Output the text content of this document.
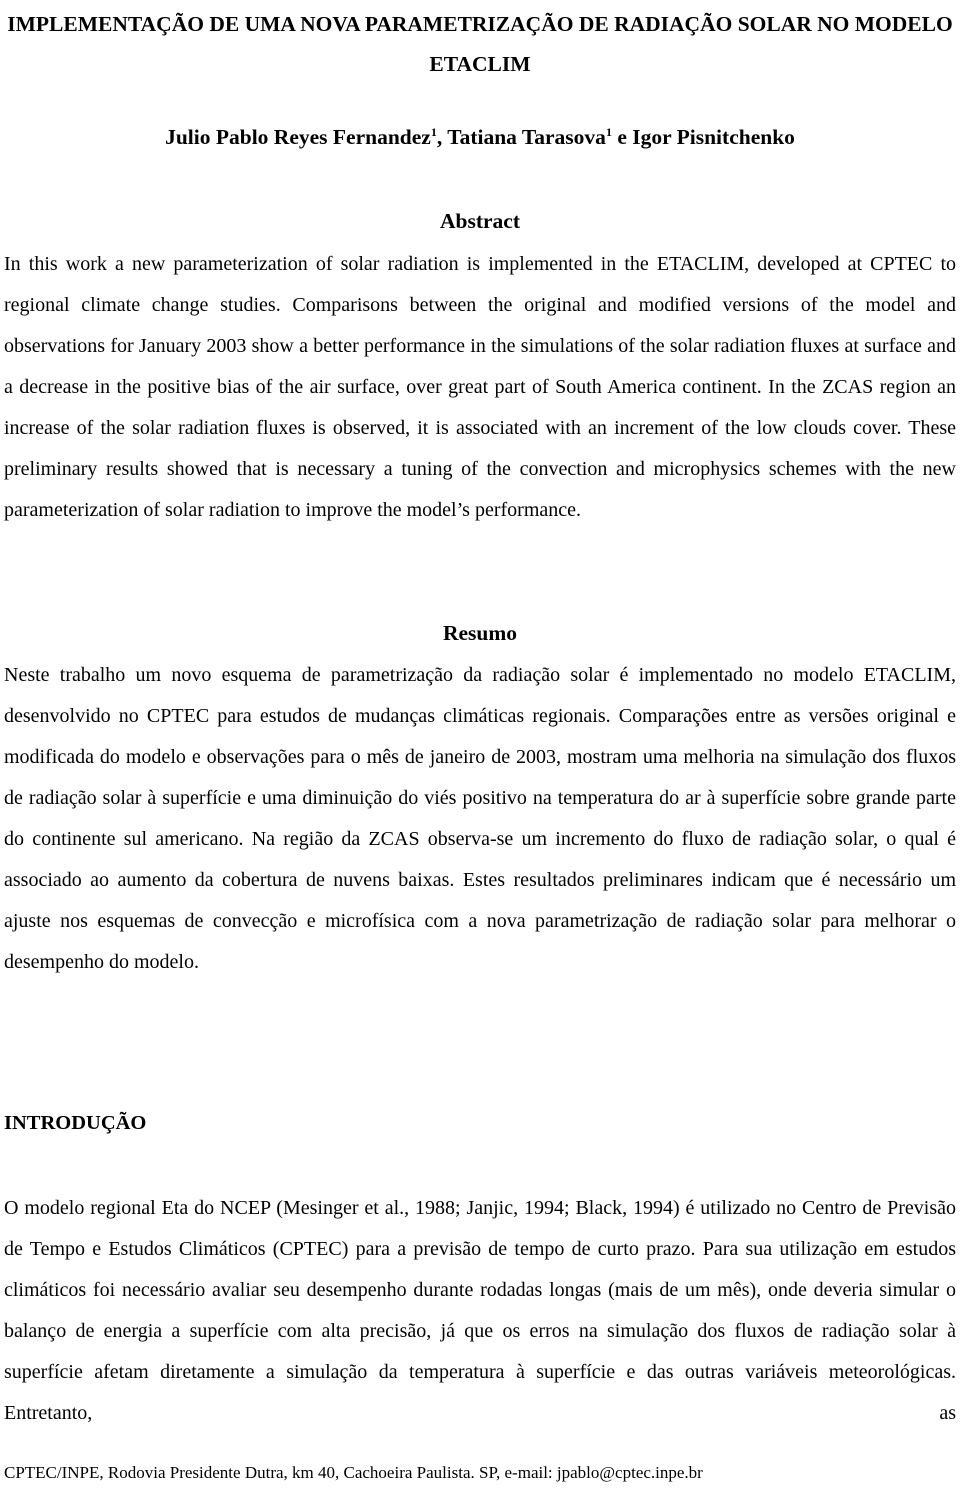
IMPLEMENTAÇÃO DE UMA NOVA PARAMETRIZAÇÃO DE RADIAÇÃO SOLAR NO MODELO ETACLIM

Julio Pablo Reyes Fernandez$^1$, Tatiana Tarasova$^1$ e Igor Pisnitchenko

Abstract

In this work a new parameterization of solar radiation is implemented in the ETACLIM, developed at CPTEC to regional climate change studies. Comparisons between the original and modified versions of the model and observations for January 2003 show a better performance in the simulations of the solar radiation fluxes at surface and a decrease in the positive bias of the air surface, over great part of South America continent. In the ZCAS region an increase of the solar radiation fluxes is observed, it is associated with an increment of the low clouds cover. These preliminary results showed that is necessary a tuning of the convection and microphysics schemes with the new parameterization of solar radiation to improve the model’s performance.

Resumo

Neste trabalho um novo esquema de parametrização da radiação solar é implementado no modelo ETACLIM, desenvolvido no CPTEC para estudos de mudanças climáticas regionais. Comparações entre as versões original e modificada do modelo e observações para o mês de janeiro de 2003, mostram uma melhoria na simulação dos fluxos de radiação solar à superfície e uma diminuição do viés positivo na temperatura do ar à superfície sobre grande parte do continente sul americano. Na região da ZCAS observa-se um incremento do fluxo de radiação solar, o qual é associado ao aumento da cobertura de nuvens baixas. Estes resultados preliminares indicam que é necessário um ajuste nos esquemas de convecção e microfísica com a nova parametrização de radiação solar para melhorar o desempenho do modelo.

INTRODUÇÃO

O modelo regional Eta do NCEP (Mesinger et al., 1988; Janjic, 1994; Black, 1994) é utilizado no Centro de Previsão de Tempo e Estudos Climáticos (CPTEC) para a previsão de tempo de curto prazo. Para sua utilização em estudos climáticos foi necessário avaliar seu desempenho durante rodadas longas (mais de um mês), onde deveria simular o balanço de energia a superfície com alta precisão, já que os erros na simulação dos fluxos de radiação solar à superfície afetam diretamente a simulação da temperatura à superfície e das outras variáveis meteorológicas. Entretanto, as

CPTEC/INPE, Rodovia Presidente Dutra, km 40, Cachoeira Paulista. SP, e-mail: jpablo@cptec.inpe.br
